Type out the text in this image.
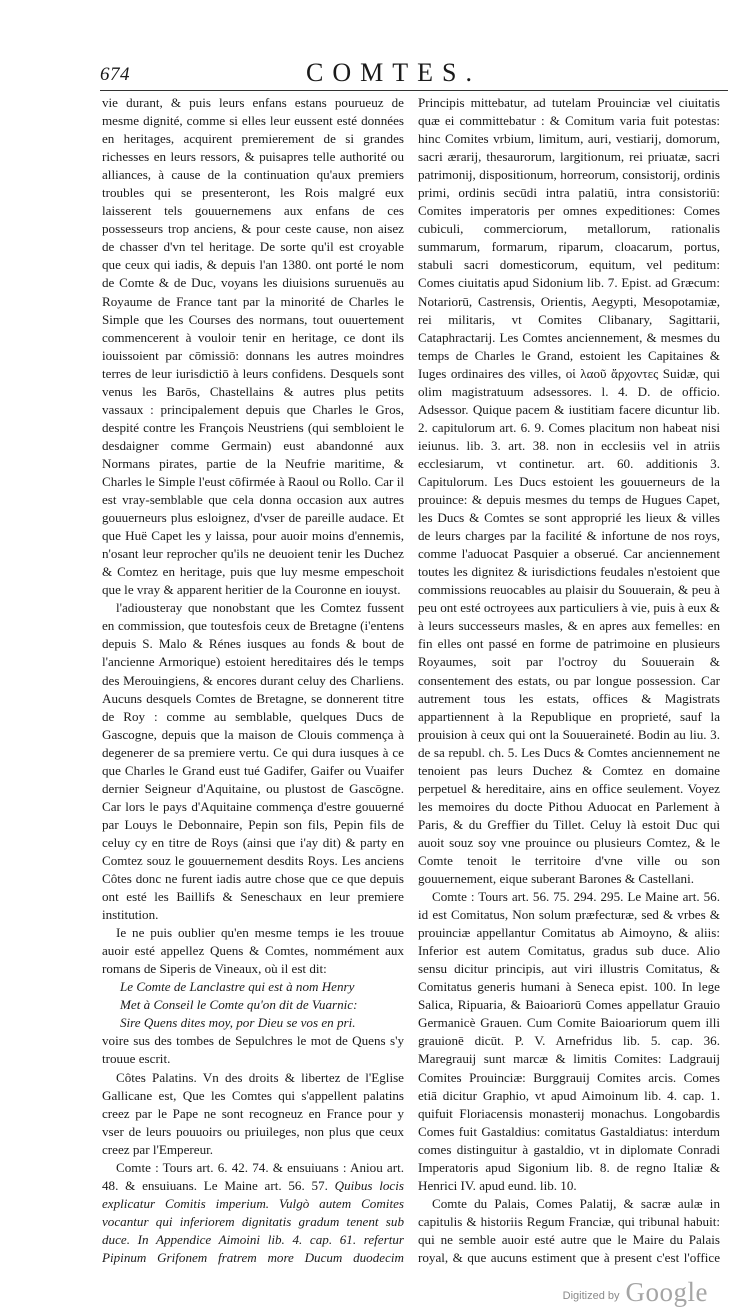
674	COMTES.

vie durant, & puis leurs enfans estans pourueuz de mesme dignité, comme si elles leur eussent esté données en heritages, acquirent premierement de si grandes richesses en leurs ressors, & puisapres telle authorité ou alliances, à cause de la continuation qu'aux premiers troubles qui se presenteront, les Rois malgré eux laisserent tels gouuernemens aux enfans de ces possesseurs trop anciens, & pour ceste cause, non aisez de chasser d'vn tel heritage. De sorte qu'il est croyable que ceux qui iadis, & depuis l'an 1380. ont porté le nom de Comte & de Duc, voyans les diuisions suruenuës au Royaume de France tant par la minorité de Charles le Simple que les Courses des normans, tout ouuertement commencerent à vouloir tenir en heritage, ce dont ils iouissoient par cōmissiō: donnans les autres moindres terres de leur iurisdictiō à leurs confidens. Desquels sont venus les Barōs, Chastellains & autres plus petits vassaux : principalement depuis que Charles le Gros, despité contre les François Neustriens (qui sembloient le desdaigner comme Germain) eust abandonné aux Normans pirates, partie de la Neufrie maritime, & Charles le Simple l'eust cōfirmée à Raoul ou Rollo. Car il est vray-semblable que cela donna occasion aux autres gouuerneurs plus esloignez, d'vser de pareille audace. Et que Huë Capet les y laissa, pour auoir moins d'ennemis, n'osant leur reprocher qu'ils ne deuoient tenir les Duchez & Comtez en heritage, puis que luy mesme empeschoit que le vray & apparent heritier de la Couronne en iouyst.

l'adiousteray que nonobstant que les Comtez fussent en commission, que toutesfois ceux de Bretagne (i'entens depuis S. Malo & Rénes iusques au fonds & bout de l'ancienne Armorique) estoient hereditaires dés le temps des Merouingiens, & encores durant celuy des Charliens. Aucuns desquels Comtes de Bretagne, se donnerent titre de Roy : comme au semblable, quelques Ducs de Gascogne, depuis que la maison de Clouis commença à degenerer de sa premiere vertu. Ce qui dura iusques à ce que Charles le Grand eust tué Gadifer, Gaifer ou Vuaifer dernier Seigneur d'Aquitaine, ou plustost de Gascōgne. Car lors le pays d'Aquitaine commença d'estre gouuerné par Louys le Debonnaire, Pepin son fils, Pepin fils de celuy cy en titre de Roys (ainsi que i'ay dit) & party en Comtez souz le gouuernement desdits Roys. Les anciens Côtes donc ne furent iadis autre chose que ce que depuis ont esté les Baillifs & Seneschaux en leur premiere institution.

Ie ne puis oublier qu'en mesme temps ie les trouue auoir esté appellez Quens & Comtes, nommément aux romans de Siperis de Vineaux, où il est dit:

Le Comte de Lanclastre qui est à nom Henry

Met à Conseil le Comte qu'on dit de Vuarnic:

Sire Quens dites moy, por Dieu se vos en pri.

voire sus des tombes de Sepulchres le mot de Quens s'y trouue escrit.

Côtes Palatins. Vn des droits & libertez de l'Eglise Gallicane est, Que les Comtes qui s'appellent palatins creez par le Pape ne sont recogneuz en France pour y vser de leurs pouuoirs ou priuileges, non plus que ceux creez par l'Empereur.

Comte : Tours art. 6. 42. 74. & ensuiuans : Aniou art. 48. & ensuiuans. Le Maine art. 56. 57. Quibus locis explicatur Comitis imperium. Vulgò autem Comites vocantur qui inferiorem dignitatis gradum tenent sub duce. In Appendice Aimoini lib. 4. cap. 61. refertur Pipinum Grifonem fratrem more Ducum duodecim

Principis mittebatur, ad tutelam Prouinciæ vel ciuitatis quæ ei committebatur : & Comitum varia fuit potestas: hinc Comites vrbium, limitum, auri, vestiarij, domorum, sacri ærarij, thesaurorum, largitionum, rei priuatæ, sacri patrimonij, dispositionum, horreorum, consistorij, ordinis primi, ordinis secūdi intra palatiū, intra consistoriū: Comites imperatoris per omnes expeditiones: Comes cubiculi, commerciorum, metallorum, rationalis summarum, formarum, riparum, cloacarum, portus, stabuli sacri domesticorum, equitum, vel peditum: Comes ciuitatis apud Sidonium lib. 7. Epist. ad Græcum: Notariorū, Castrensis, Orientis, Aegypti, Mesopotamiæ, rei militaris, vt Comites Clibanary, Sagittarii, Cataphractarij. Les Comtes anciennement, & mesmes du temps de Charles le Grand, estoient les Capitaines & Iuges ordinaires des villes, οἱ λαοῦ ἄρχοντες Suidæ, qui olim magistratuum adsessores. l. 4. D. de officio. Adsessor. Quique pacem & iustitiam facere dicuntur lib. 2. capitulorum art. 6. 9. Comes placitum non habeat nisi ieiunus. lib. 3. art. 38. non in ecclesiis vel in atriis ecclesiarum, vt continetur. art. 60. additionis 3. Capitulorum. Les Ducs estoient les gouuerneurs de la prouince: & depuis mesmes du temps de Hugues Capet, les Ducs & Comtes se sont approprié les lieux & villes de leurs charges par la facilité & infortune de nos roys, comme l'aduocat Pasquier a obserué. Car anciennement toutes les dignitez & iurisdictions feudales n'estoient que commissions reuocables au plaisir du Souuerain, & peu à peu ont esté octroyees aux particuliers à vie, puis à eux & à leurs successeurs masles, & en apres aux femelles: en fin elles ont passé en forme de patrimoine en plusieurs Royaumes, soit par l'octroy du Souuerain & consentement des estats, ou par longue possession. Car autrement tous les estats, offices & Magistrats appartiennent à la Republique en proprieté, sauf la prouision à ceux qui ont la Souueraineté. Bodin au liu. 3. de sa republ. ch. 5. Les Ducs & Comtes anciennement ne tenoient pas leurs Duchez & Comtez en domaine perpetuel & hereditaire, ains en office seulement. Voyez les memoires du docte Pithou Aduocat en Parlement à Paris, & du Greffier du Tillet. Celuy là estoit Duc qui auoit souz soy vne prouince ou plusieurs Comtez, & le Comte tenoit le territoire d'vne ville ou son gouuernement, eique suberant Barones & Castellani.

Comte : Tours art. 56. 75. 294. 295. Le Maine art. 56. id est Comitatus, Non solum præfecturæ, sed & vrbes & prouinciæ appellantur Comitatus ab Aimoyno, & aliis: Inferior est autem Comitatus, gradus sub duce. Alio sensu dicitur principis, aut viri illustris Comitatus, & Comitatus generis humani à Seneca epist. 100. In lege Salica, Ripuaria, & Baioariorū Comes appellatur Grauio Germanicè Grauen. Cum Comite Baioariorum quem illi grauionē dicūt. P. V. Arnefridus lib. 5. cap. 36. Maregrauij sunt marcæ & limitis Comites: Ladgrauij Comites Prouinciæ: Burggrauij Comites arcis. Comes etiā dicitur Graphio, vt apud Aimoinum lib. 4. cap. 1. quifuit Floriacensis monasterij monachus. Longobardis Comes fuit Gastaldius: comitatus Gastaldiatus: interdum comes distinguitur à gastaldio, vt in diplomate Conradi Imperatoris apud Sigonium lib. 8. de regno Italiæ & Henrici IV. apud eund. lib. 10.

Comte du Palais, Comes Palatij, & sacræ aulæ in capitulis & historiis Regum Franciæ, qui tribunal habuit: qui ne semble auoir esté autre que le Maire du Palais royal, & que aucuns estiment que à present c'est l'office

Digitized by Google
